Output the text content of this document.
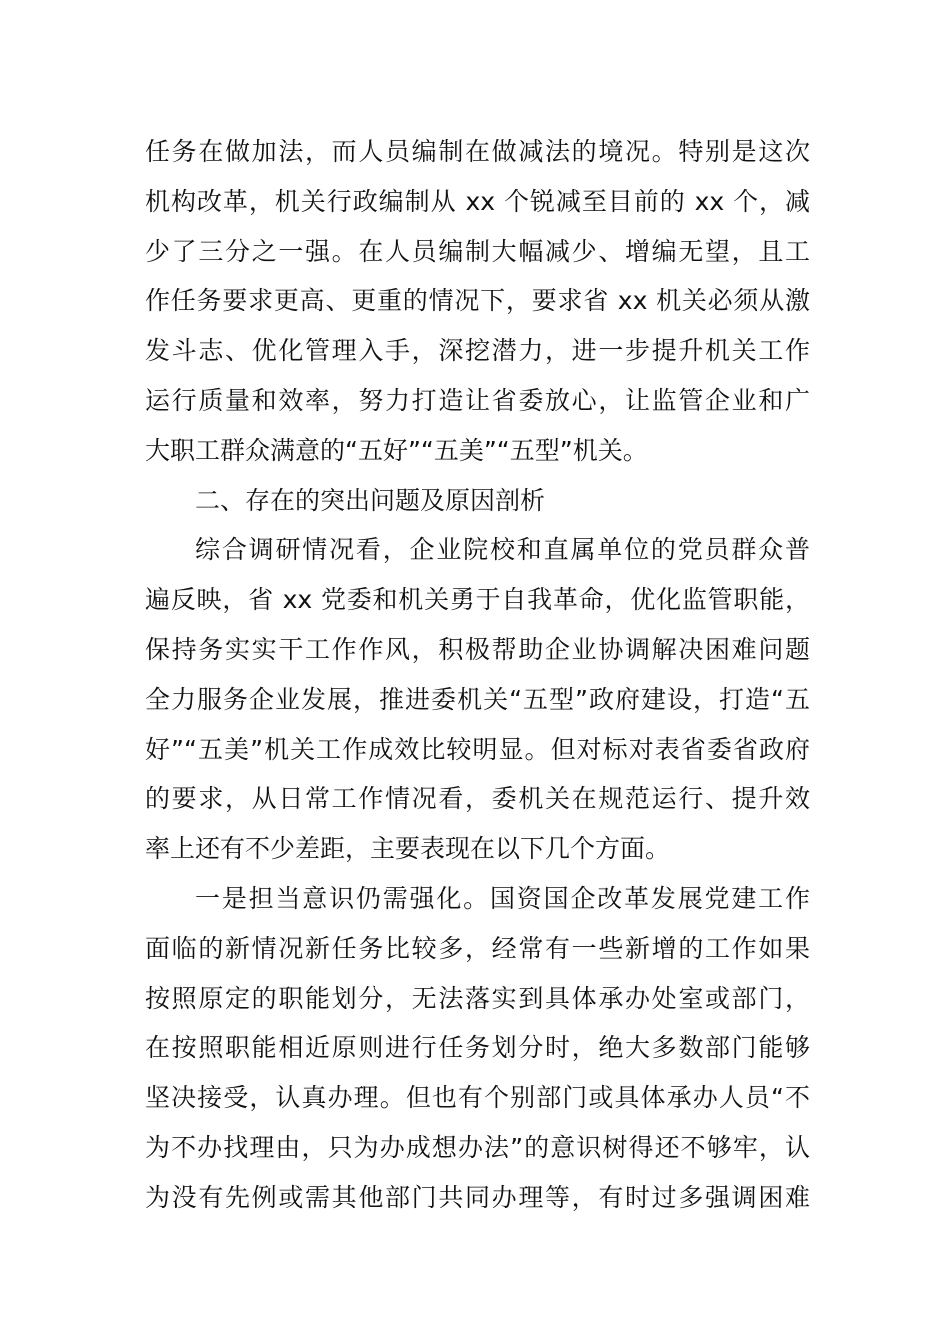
任务在做加法，而人员编制在做减法的境况。特别是这次
机构改革，机关行政编制从 xx 个锐减至目前的 xx 个，减
少了三分之一强。在人员编制大幅减少、增编无望，且工
作任务要求更高、更重的情况下，要求省 xx 机关必须从激
发斗志、优化管理入手，深挖潜力，进一步提升机关工作
运行质量和效率，努力打造让省委放心，让监管企业和广
大职工群众满意的“五好”“五美”“五型”机关。
二、存在的突出问题及原因剖析
综合调研情况看，企业院校和直属单位的党员群众普
遍反映，省 xx 党委和机关勇于自我革命，优化监管职能，
保持务实实干工作作风，积极帮助企业协调解决困难问题
全力服务企业发展，推进委机关“五型”政府建设，打造“五
好”“五美”机关工作成效比较明显。但对标对表省委省政府
的要求，从日常工作情况看，委机关在规范运行、提升效
率上还有不少差距，主要表现在以下几个方面。
一是担当意识仍需强化。国资国企改革发展党建工作
面临的新情况新任务比较多，经常有一些新增的工作如果
按照原定的职能划分，无法落实到具体承办处室或部门，
在按照职能相近原则进行任务划分时，绝大多数部门能够
坚决接受，认真办理。但也有个别部门或具体承办人员“不
为不办找理由，只为办成想办法”的意识树得还不够牢，认
为没有先例或需其他部门共同办理等，有时过多强调困难
